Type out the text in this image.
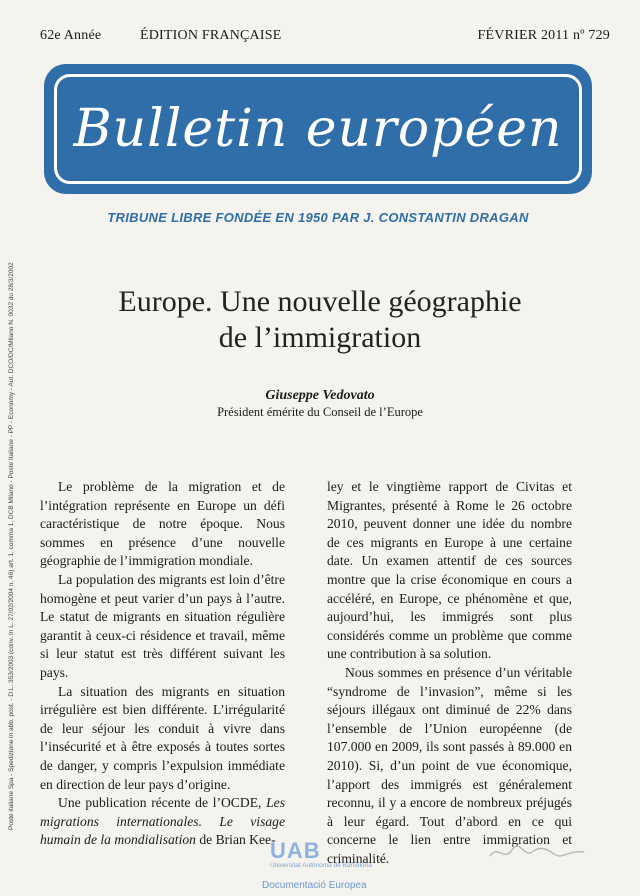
62e Année	ÉDITION FRANÇAISE	FÉVRIER 2011 nº 729
Poste italiane Spa - Spedizione in abb. post. - D.L. 353/2003 (conv. In L. 27/02/2004 n. 46) art. 1, comma 1, DCB Milano - Poste Italiane - PP - Economy - Aut. DCO/DC/Milano N. 0032 du 28/3/2002
Bulletin européen
TRIBUNE LIBRE FONDÉE EN 1950 PAR J. CONSTANTIN DRAGAN
Europe. Une nouvelle géographie
de l’immigration
Giuseppe Vedovato
Président émérite du Conseil de l’Europe

Le problème de la migration et de l’intégration représente en Europe un défi caractéristique de notre époque. Nous sommes en présence d’une nouvelle géographie de l’immigration mondiale.

La population des migrants est loin d’être homogène et peut varier d’un pays à l’autre. Le statut de migrants en situation régulière garantit à ceux-ci résidence et travail, même si leur statut est très différent suivant les pays.

La situation des migrants en situation irrégulière est bien différente. L’irrégularité de leur séjour les conduit à vivre dans l’insécurité et à être exposés à toutes sortes de danger, y compris l’expulsion immédiate en direction de leur pays d’origine.

Une publication récente de l’OCDE, Les migrations internationales. Le visage humain de la mondialisation de Brian Kee-

ley et le vingtième rapport de Civitas et Migrantes, présenté à Rome le 26 octobre 2010, peuvent donner une idée du nombre de ces migrants en Europe à une certaine date. Un examen attentif de ces sources montre que la crise économique en cours a accéléré, en Europe, ce phénomène et que, aujourd’hui, les immigrés sont plus considérés comme un problème que comme une contribution à sa solution.

Nous sommes en présence d’un véritable “syndrome de l’invasion”, même si les séjours illégaux ont diminué de 22% dans l’ensemble de l’Union européenne (de 107.000 en 2009, ils sont passés à 89.000 en 2010). Si, d’un point de vue économique, l’apport des immigrés est généralement reconnu, il y a encore de nombreux préjugés à leur égard. Tout d’abord en ce qui concerne le lien entre immigration et criminalité.

UAB
Universitat Autònoma de Barcelona
Documentació Europea
